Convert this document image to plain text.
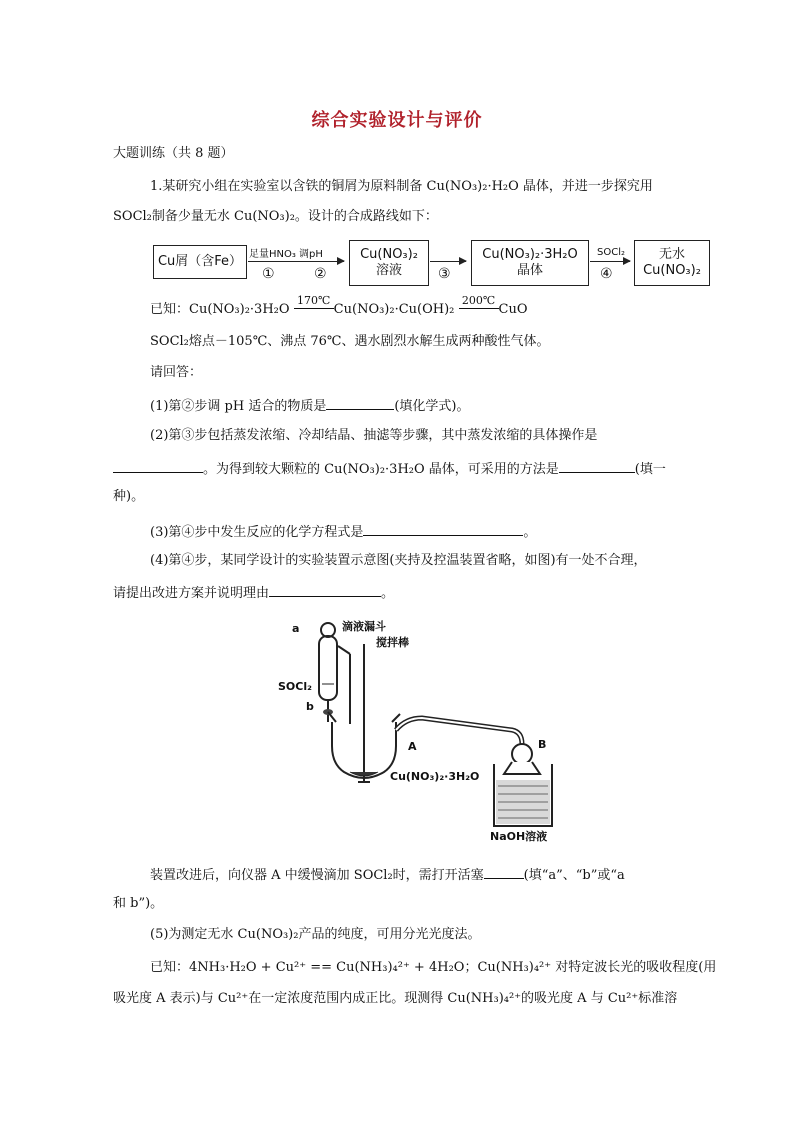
综合实验设计与评价
大题训练（共 8 题）
1.某研究小组在实验室以含铁的铜屑为原料制备 Cu(NO₃)₂·H₂O 晶体，并进一步探究用
SOCl₂制备少量无水 Cu(NO₃)₂。设计的合成路线如下：
Cu屑（含Fe） 足量HNO₃ 调pH
①	②
Cu(NO₃)₂
溶液	③
Cu(NO₃)₂·3H₂O
晶体
SOCl₂
④
无水
Cu(NO₃)₂
已知：Cu(NO₃)₂·3H₂O
170℃
Cu(NO₃)₂·Cu(OH)₂
200℃
CuO
SOCl₂熔点－105℃、沸点 76℃、遇水剧烈水解生成两种酸性气体。
请回答：
(1)第②步调 pH 适合的物质是	(填化学式)。
(2)第③步包括蒸发浓缩、冷却结晶、抽滤等步骤，其中蒸发浓缩的具体操作是
。为得到较大颗粒的 Cu(NO₃)₂·3H₂O 晶体，可采用的方法是	(填一
种)。
(3)第④步中发生反应的化学方程式是	。
(4)第④步，某同学设计的实验装置示意图(夹持及控温装置省略，如图)有一处不合理，
请提出改进方案并说明理由	。
a	滴液漏斗
搅拌棒
SOCl₂
b
A
Cu(NO₃)₂·3H₂O
B
NaOH溶液
装置改进后，向仪器 A 中缓慢滴加 SOCl₂时，需打开活塞	(填“a”、“b”或“a
和 b”)。
(5)为测定无水 Cu(NO₃)₂产品的纯度，可用分光光度法。
已知：4NH₃·H₂O + Cu²⁺ == Cu(NH₃)₄²⁺ + 4H₂O；Cu(NH₃)₄²⁺ 对特定波长光的吸收程度(用
吸光度 A 表示)与 Cu²⁺在一定浓度范围内成正比。现测得 Cu(NH₃)₄²⁺的吸光度 A 与 Cu²⁺标准溶
